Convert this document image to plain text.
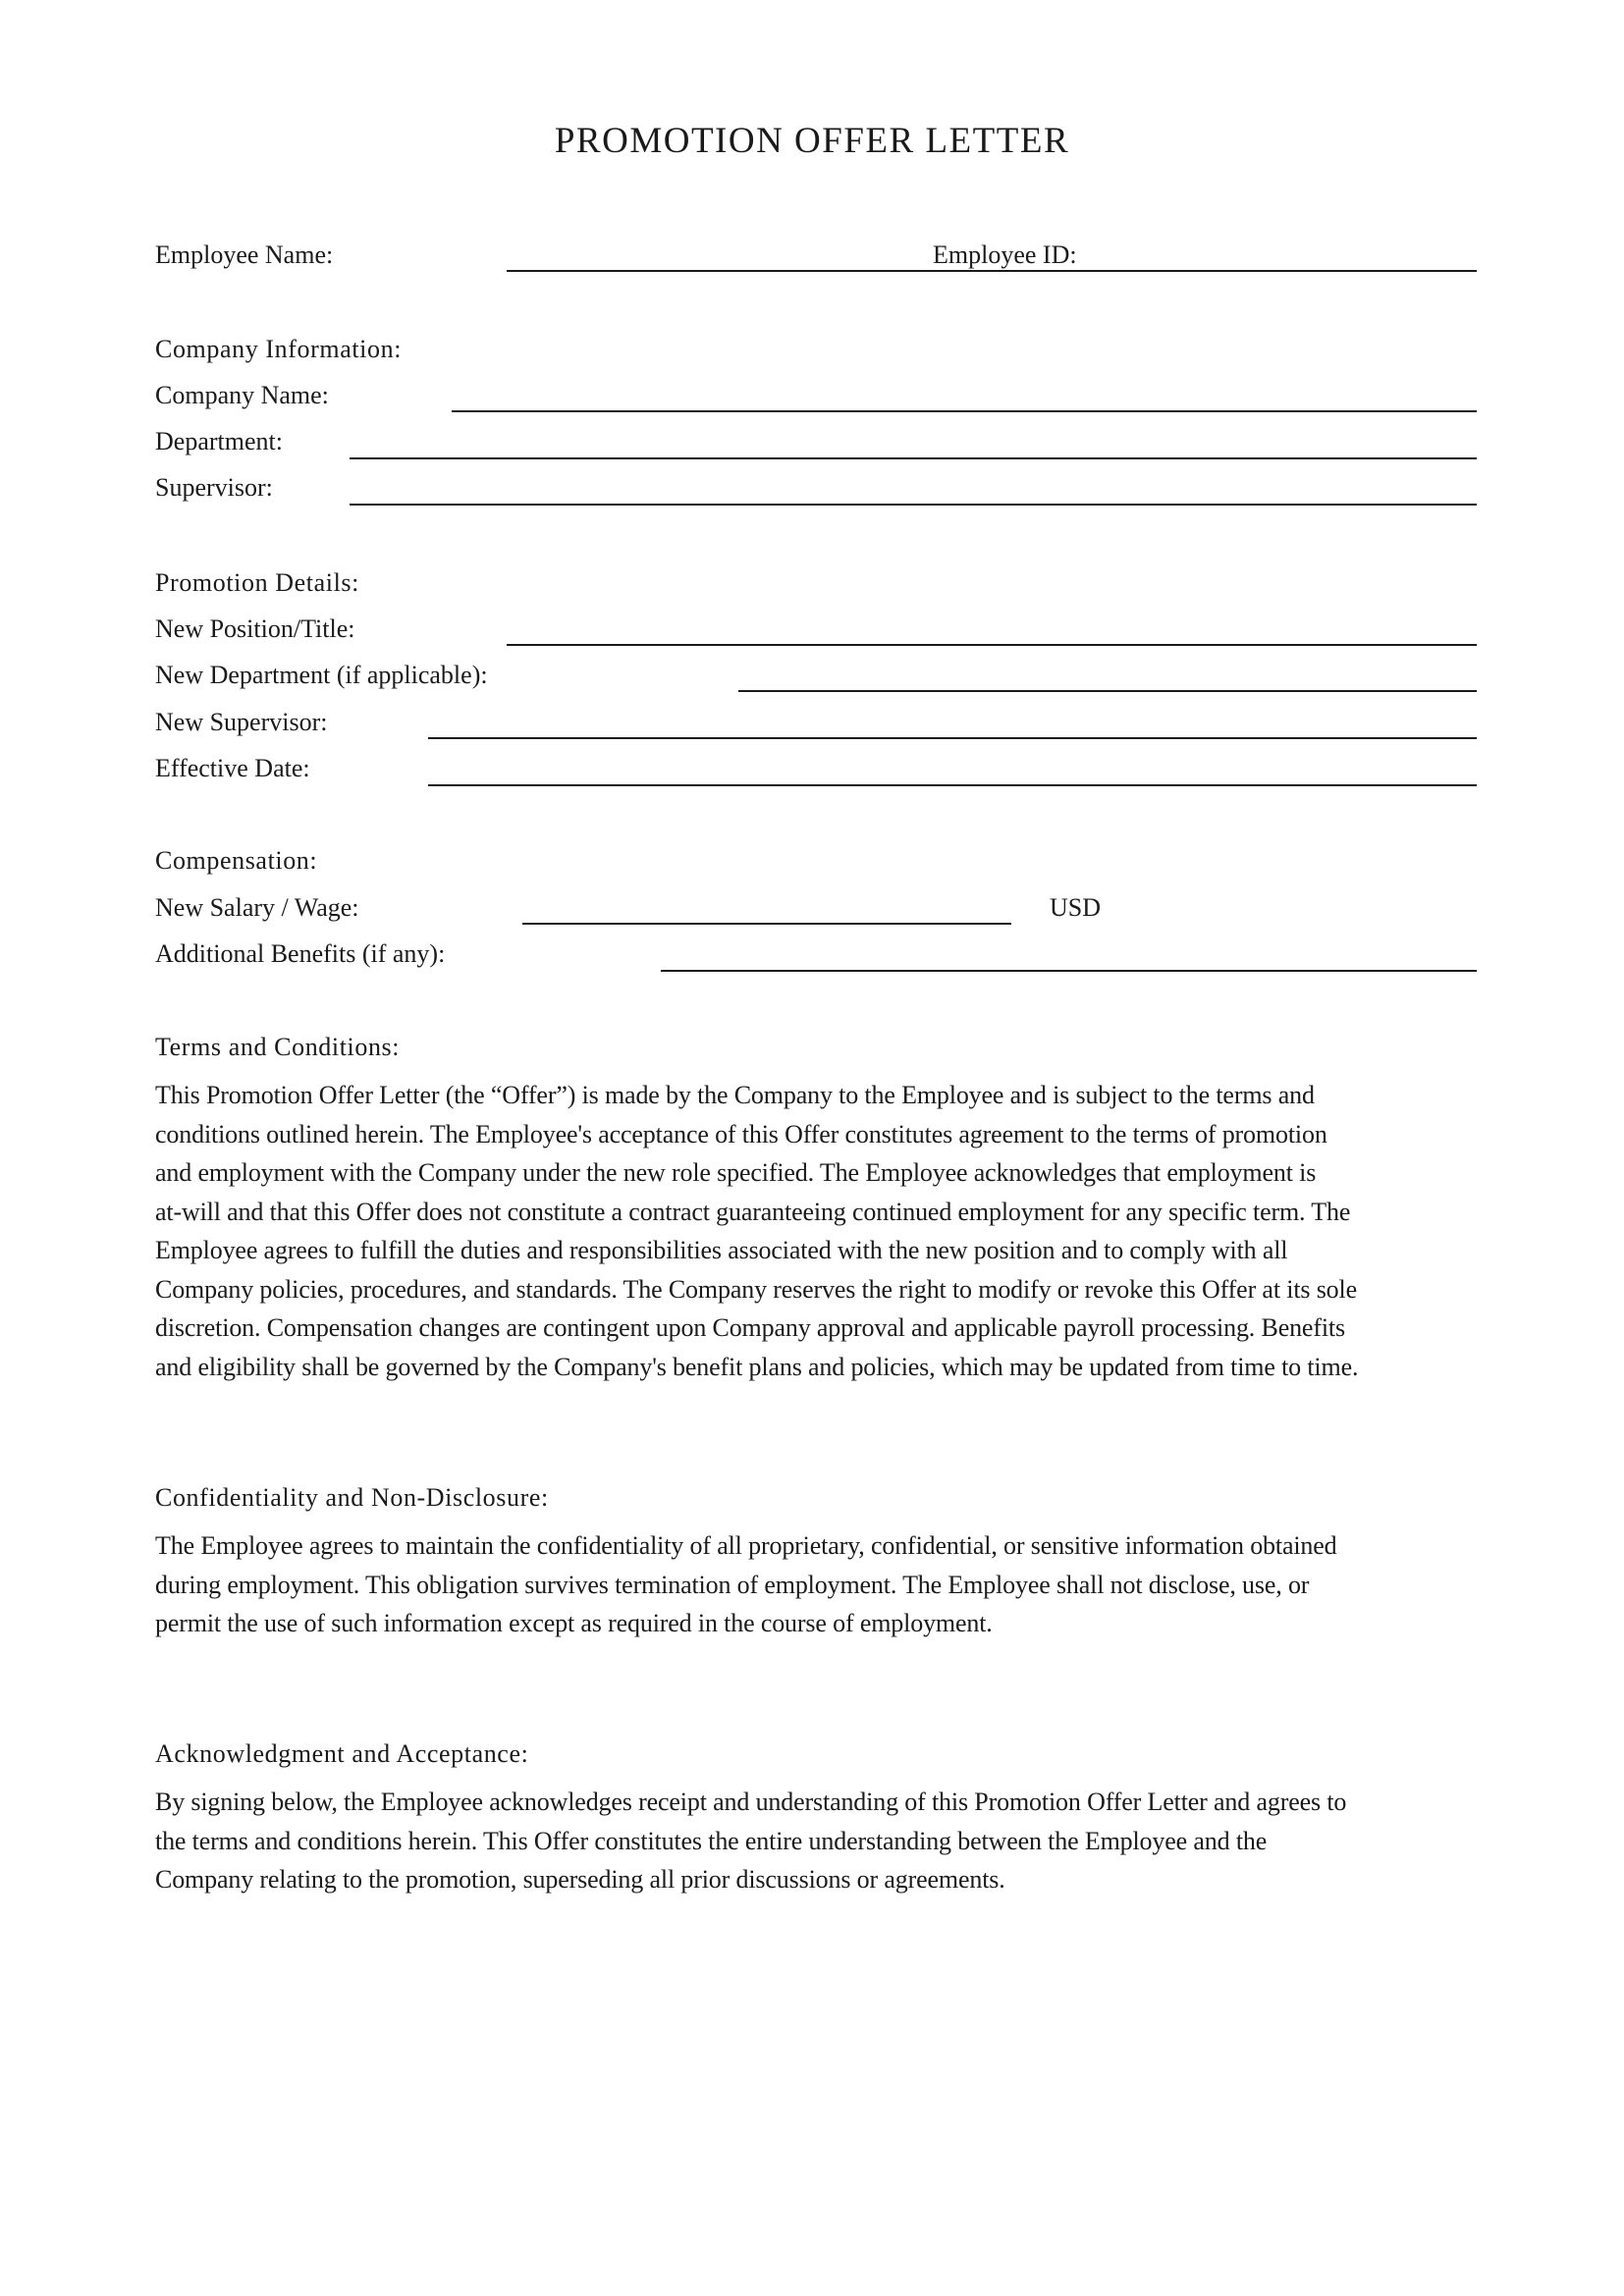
PROMOTION OFFER LETTER
Employee Name:	Employee ID:
Company Information:
Company Name:
Department:
Supervisor:
Promotion Details:
New Position/Title:
New Department (if applicable):
New Supervisor:
Effective Date:
Compensation:
New Salary / Wage:	USD
Additional Benefits (if any):
Terms and Conditions:
This Promotion Offer Letter (the “Offer”) is made by the Company to the Employee and is subject to the terms and
conditions outlined herein. The Employee's acceptance of this Offer constitutes agreement to the terms of promotion
and employment with the Company under the new role specified. The Employee acknowledges that employment is
at-will and that this Offer does not constitute a contract guaranteeing continued employment for any specific term. The
Employee agrees to fulfill the duties and responsibilities associated with the new position and to comply with all
Company policies, procedures, and standards. The Company reserves the right to modify or revoke this Offer at its sole
discretion. Compensation changes are contingent upon Company approval and applicable payroll processing. Benefits
and eligibility shall be governed by the Company's benefit plans and policies, which may be updated from time to time.
Confidentiality and Non-Disclosure:
The Employee agrees to maintain the confidentiality of all proprietary, confidential, or sensitive information obtained
during employment. This obligation survives termination of employment. The Employee shall not disclose, use, or
permit the use of such information except as required in the course of employment.
Acknowledgment and Acceptance:
By signing below, the Employee acknowledges receipt and understanding of this Promotion Offer Letter and agrees to
the terms and conditions herein. This Offer constitutes the entire understanding between the Employee and the
Company relating to the promotion, superseding all prior discussions or agreements.
